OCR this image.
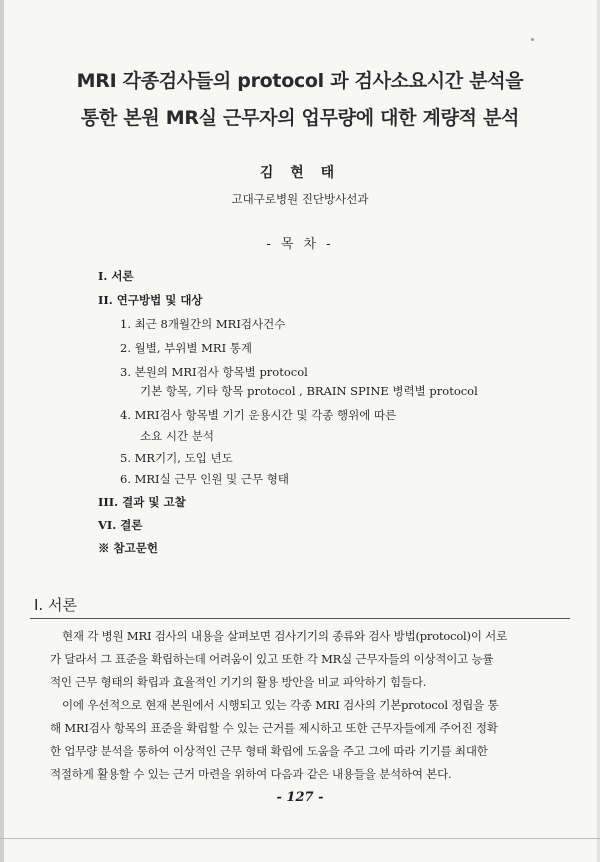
MRI 각종검사들의 protocol 과 검사소요시간 분석을
통한 본원 MR실 근무자의 업무량에 대한 계량적 분석
김 현 태
고대구로병원 진단방사선과
- 목 차 -
I. 서론
II. 연구방법 및 대상
1. 최근 8개월간의 MRI검사건수
2. 월별, 부위별 MRI 통계
3. 본원의 MRI검사 항목별 protocol
기본 항목, 기타 항목 protocol , BRAIN SPINE 병력별 protocol
4. MRI검사 항목별 기기 운용시간 및 각종 행위에 따른
소요 시간 분석
5. MR기기, 도입 년도
6. MRI실 근무 인원 및 근무 형태
III. 결과 및 고찰
VI. 결론
※ 참고문헌
I. 서론
현재 각 병원 MRI 검사의 내용을 살펴보면 검사기기의 종류와 검사 방법(protocol)이 서로
가 달라서 그 표준을 확립하는데 어려움이 있고 또한 각 MR실 근무자들의 이상적이고 능률
적인 근무 형태의 확립과 효율적인 기기의 활용 방안을 비교 파악하기 힘들다.
이에 우선적으로 현재 본원에서 시행되고 있는 각종 MRI 검사의 기본protocol 정립을 통
해 MRI검사 항목의 표준을 확립할 수 있는 근거를 제시하고 또한 근무자들에게 주어진 정확
한 업무량 분석을 통하여 이상적인 근무 형태 확립에 도움을 주고 그에 따라 기기를 최대한
적절하게 활용할 수 있는 근거 마련을 위하여 다음과 같은 내용들을 분석하여 본다.
- 127 -
